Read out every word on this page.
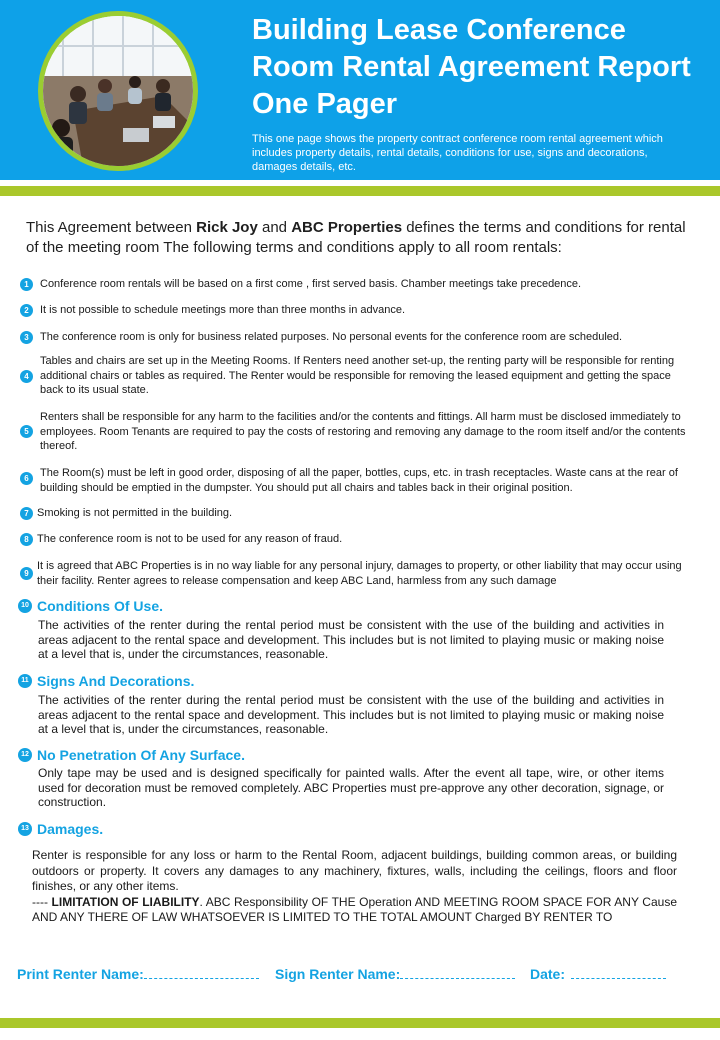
Building Lease Conference Room Rental Agreement Report One Pager
This one page shows the property contract conference room rental agreement which includes property details, rental details, conditions for use, signs and decorations, damages details, etc.
This Agreement between Rick Joy and ABC Properties defines the terms and conditions for rental of the meeting room The following terms and conditions apply to all room rentals:
1	Conference room rentals will be based on a first come , first served basis. Chamber meetings take precedence.
2	It is not possible to schedule meetings more than three months in advance.
3	The conference room is only for business related purposes. No personal events for the conference room are scheduled.
4
Tables and chairs are set up in the Meeting Rooms. If Renters need another set-up, the renting party will be responsible for renting additional chairs or tables as required. The Renter would be responsible for removing the leased equipment and getting the space back to its usual state.
5
Renters shall be responsible for any harm to the facilities and/or the contents and fittings. All harm must be disclosed immediately to employees. Room Tenants are required to pay the costs of restoring and removing any damage to the room itself and/or the contents thereof.
6	The Room(s) must be left in good order, disposing of all the paper, bottles, cups, etc. in trash receptacles. Waste cans at the rear of building should be emptied in the dumpster. You should put all chairs and tables back in their original position.
7 Smoking is not permitted in the building.
8 The conference room is not to be used for any reason of fraud.
9
It is agreed that ABC Properties is in no way liable for any personal injury, damages to property, or other liability that may occur using their facility. Renter agrees to release compensation and keep ABC Land, harmless from any such damage
10 Conditions Of Use.
The activities of the renter during the rental period must be consistent with the use of the building and activities in areas adjacent to the rental space and development. This includes but is not limited to playing music or making noise at a level that is, under the circumstances, reasonable.
11 Signs And Decorations.
The activities of the renter during the rental period must be consistent with the use of the building and activities in areas adjacent to the rental space and development. This includes but is not limited to playing music or making noise at a level that is, under the circumstances, reasonable.
12 No Penetration Of Any Surface.
Only tape may be used and is designed specifically for painted walls. After the event all tape, wire, or other items used for decoration must be removed completely. ABC Properties must pre-approve any other decoration, signage, or construction.
13 Damages.
Renter is responsible for any loss or harm to the Rental Room, adjacent buildings, building common areas, or building outdoors or property. It covers any damages to any machinery, fixtures, walls, including the ceilings, floors and floor finishes, or any other items.
---- LIMITATION OF LIABILITY. ABC Responsibility OF THE Operation AND MEETING ROOM SPACE FOR ANY Cause AND ANY THERE OF LAW WHATSOEVER IS LIMITED TO THE TOTAL AMOUNT Charged BY RENTER TO
Print Renter Name:	Sign Renter Name:	Date:
